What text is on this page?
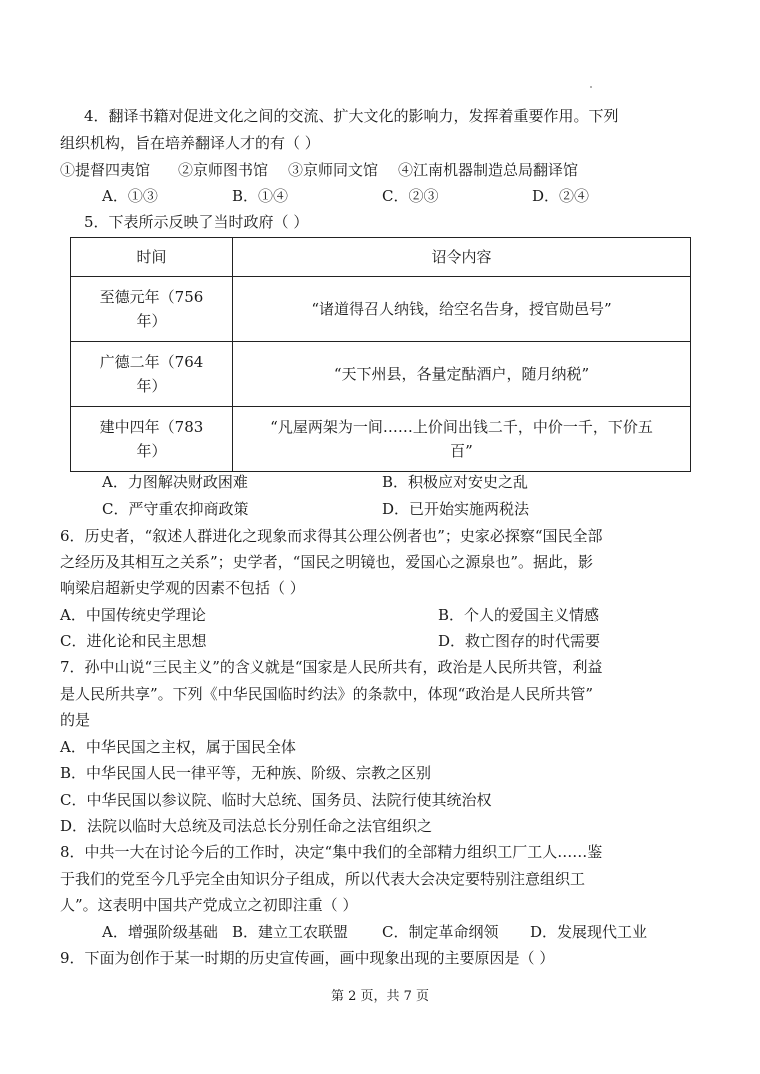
4．翻译书籍对促进文化之间的交流、扩大文化的影响力，发挥着重要作用。下列
组织机构，旨在培养翻译人才的有（ ）
①提督四夷馆 ②京师图书馆 ③京师同文馆 ④江南机器制造总局翻译馆
A．①③	B．①④	C．②③	D．②④
5．下表所示反映了当时政府（ ）
时间	诏令内容
至德元年（756
年）	“诸道得召人纳钱，给空名告身，授官勋邑号”
广德二年（764
年）	“天下州县，各量定酤酒户，随月纳税”
建中四年（783
年）	“凡屋两架为一间……上价间出钱二千，中价一千，下价五
百”
A．力图解决财政困难	B．积极应对安史之乱
C．严守重农抑商政策	D．已开始实施两税法
6．历史者，“叙述人群进化之现象而求得其公理公例者也”；史家必探察“国民全部
之经历及其相互之关系”；史学者，“国民之明镜也，爱国心之源泉也”。据此，影
响梁启超新史学观的因素不包括（ ）
A．中国传统史学理论	B．个人的爱国主义情感
C．进化论和民主思想	D．救亡图存的时代需要
7．孙中山说“三民主义”的含义就是“国家是人民所共有，政治是人民所共管，利益
是人民所共享”。下列《中华民国临时约法》的条款中，体现“政治是人民所共管”
的是
A．中华民国之主权，属于国民全体
B．中华民国人民一律平等，无种族、阶级、宗教之区别
C．中华民国以参议院、临时大总统、国务员、法院行使其统治权
D．法院以临时大总统及司法总长分别任命之法官组织之
8．中共一大在讨论今后的工作时，决定“集中我们的全部精力组织工厂工人……鉴
于我们的党至今几乎完全由知识分子组成，所以代表大会决定要特别注意组织工
人”。这表明中国共产党成立之初即注重（ ）
A．增强阶级基础 B．建立工农联盟 C．制定革命纲领 D．发展现代工业
9．下面为创作于某一时期的历史宣传画，画中现象出现的主要原因是（ ）
第 2 页，共 7 页
